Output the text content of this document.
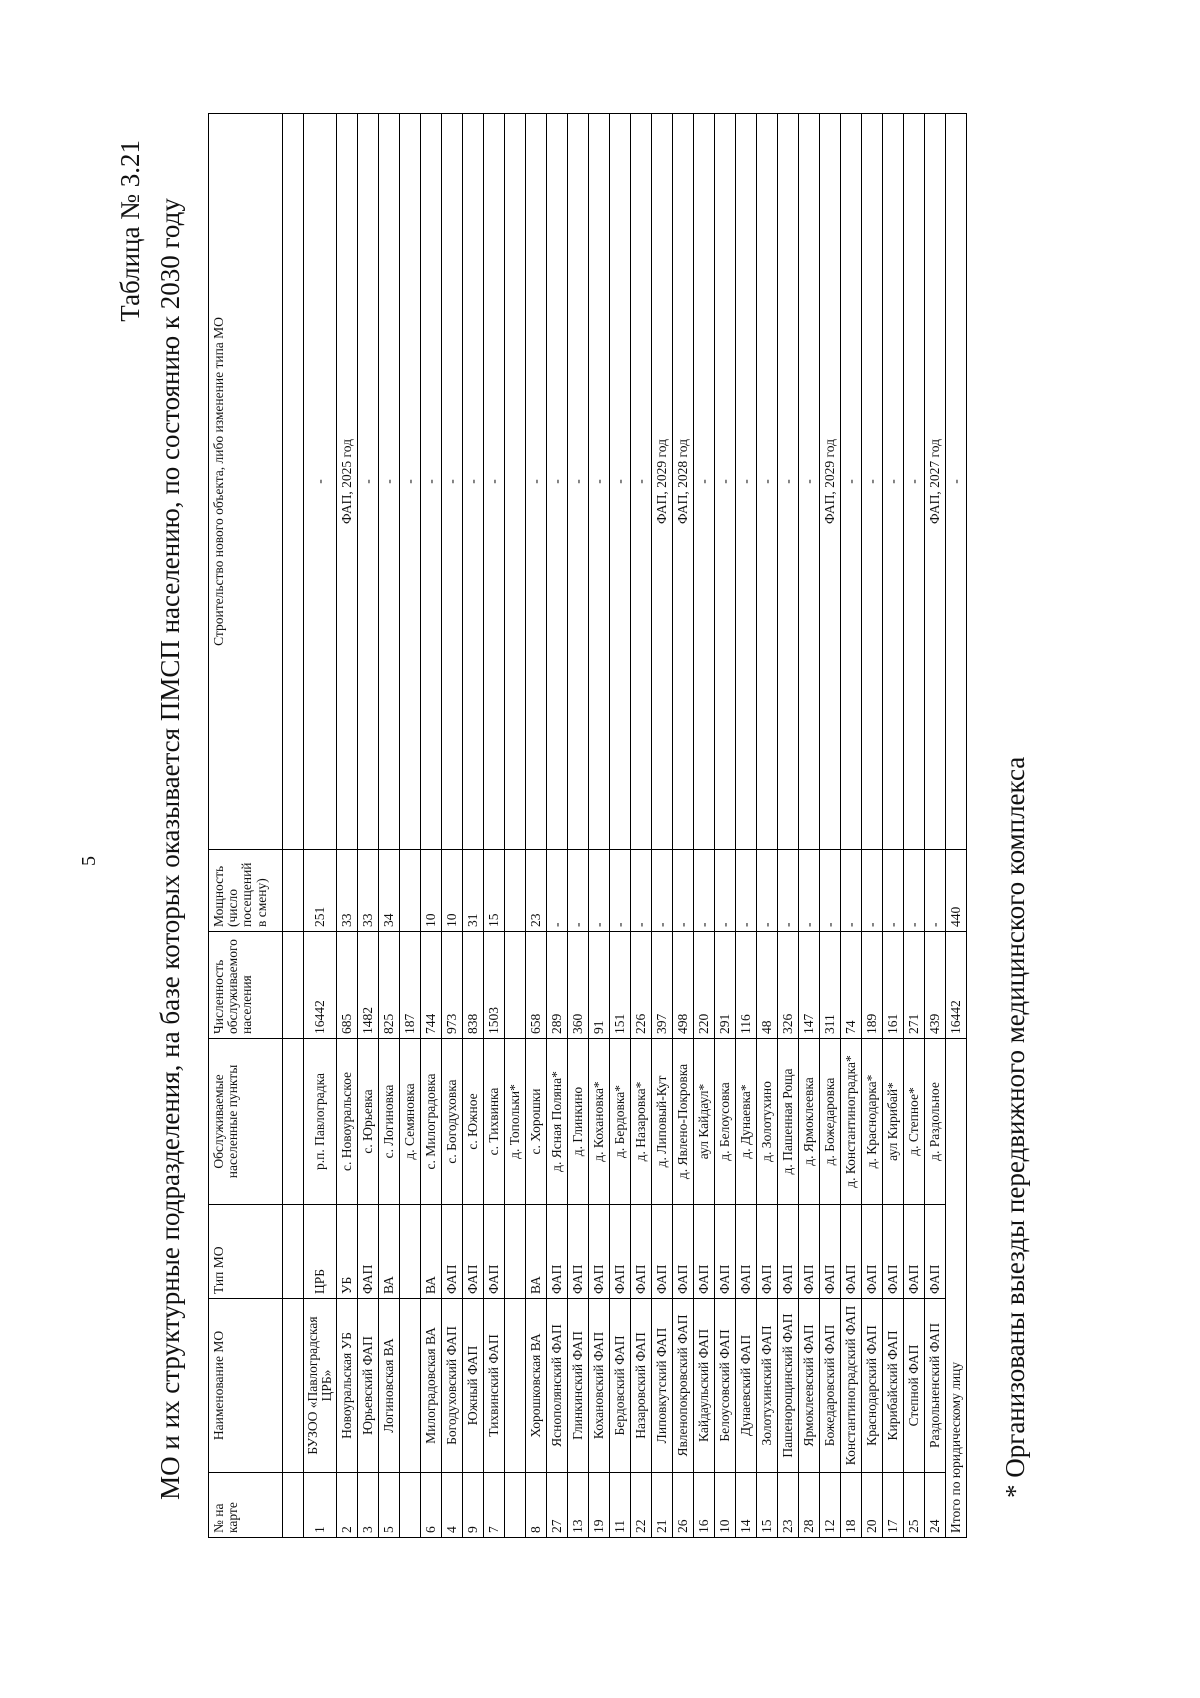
5
Таблица № 3.21 МО и их структурные подразделения, на базе которых оказывается ПМСП населению, по состоянию к 2030 году
№ на карте	Наименование МО	Тип МО	Обслуживаемые населенные пункты	Численность обслуживаемого населения	Мощность (число посещений в смену)	Строительство нового объекта, либо изменение типа МО

1	БУЗОО «Павлоградская ЦРБ»	ЦРБ	р.п. Павлоградка	16442	251	-
2	Новоуральская УБ	УБ	с. Новоуральское	685	33	ФАП, 2025 год
3	Юрьевский ФАП	ФАП	с. Юрьевка	1482	33	-
5	Логиновская ВА	ВА	с. Логиновка	825	34	-
			д. Семяновка	187		-
6	Милоградовская ВА	ВА	с. Милоградовка	744	10	-
4	Богодуховский ФАП	ФАП	с. Богодуховка	973	10	-
9	Южный ФАП	ФАП	с. Южное	838	31	-
7	Тихвинский ФАП	ФАП	с. Тихвинка	1503	15	-
			д. Топольки*			
8	Хорошковская ВА	ВА	с. Хорошки	658	23	-
27	Яснополянский ФАП	ФАП	д. Ясная Поляна*	289	-	-
13	Глинкинский ФАП	ФАП	д. Глинкино	360	-	-
19	Кохановский ФАП	ФАП	д. Кохановка*	91	-	-
11	Бердовский ФАП	ФАП	д. Бердовка*	151	-	-
22	Назаровский ФАП	ФАП	д. Назаровка*	226	-	-
21	Липовкутский ФАП	ФАП	д. Липовый-Кут	397	-	ФАП, 2029 год
26	Явленопокровский ФАП	ФАП	д. Явлено-Покровка	498	-	ФАП, 2028 год
16	Кайдаульский ФАП	ФАП	аул Кайдаул*	220	-	-
10	Белоусовский ФАП	ФАП	д. Белоусовка	291	-	-
14	Дунаевский ФАП	ФАП	д. Дунаевка*	116	-	-
15	Золотухинский ФАП	ФАП	д. Золотухино	48	-	-
23	Пашенорощинский ФАП	ФАП	д. Пашенная Роща	326	-	-
28	Ярмоклеевский ФАП	ФАП	д. Ярмоклеевка	147	-	-
12	Божедаровский ФАП	ФАП	д. Божедаровка	311	-	ФАП, 2029 год
18	Константиноградский ФАП	ФАП	д. Константиноградка*	74	-	-
20	Краснодарский ФАП	ФАП	д. Краснодарка*	189	-	-
17	Кирибайский ФАП	ФАП	аул Кирибай*	161	-	-
25	Степной ФАП	ФАП	д. Степное*	271	-	-
24	Раздольненский ФАП	ФАП	д. Раздольное	439	-	ФАП, 2027 год
Итого по юридическому лицу				16442	440	-
* Организованы выезды передвижного медицинского комплекса
